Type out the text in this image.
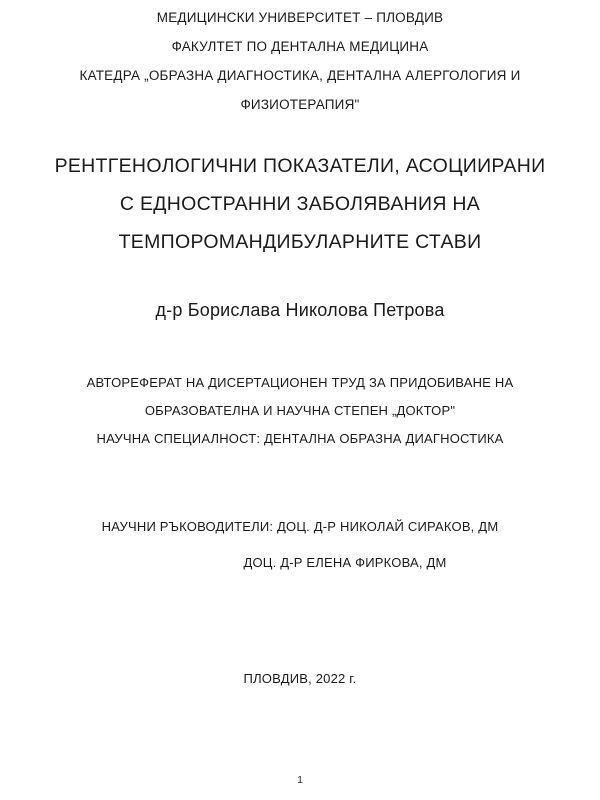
МЕДИЦИНСКИ УНИВЕРСИТЕТ – ПЛОВДИВ
ФАКУЛТЕТ ПО ДЕНТАЛНА МЕДИЦИНА
КАТЕДРА „ОБРАЗНА ДИАГНОСТИКА, ДЕНТАЛНА АЛЕРГОЛОГИЯ И
ФИЗИОТЕРАПИЯ"
РЕНТГЕНОЛОГИЧНИ ПОКАЗАТЕЛИ, АСОЦИИРАНИ
С ЕДНОСТРАННИ ЗАБОЛЯВАНИЯ НА
ТЕМПОРОМАНДИБУЛАРНИТЕ СТАВИ
д-р Борислава Николова Петрова
АВТОРЕФЕРАТ НА ДИСЕРТАЦИОНЕН ТРУД ЗА ПРИДОБИВАНЕ НА
ОБРАЗОВАТЕЛНА И НАУЧНА СТЕПЕН „ДОКТОР"
НАУЧНА СПЕЦИАЛНОСТ: ДЕНТАЛНА ОБРАЗНА ДИАГНОСТИКА
НАУЧНИ РЪКОВОДИТЕЛИ: ДОЦ. Д-Р НИКОЛАЙ СИРАКОВ, ДМ
ДОЦ. Д-Р ЕЛЕНА ФИРКОВА, ДМ
ПЛОВДИВ, 2022 г.
1
